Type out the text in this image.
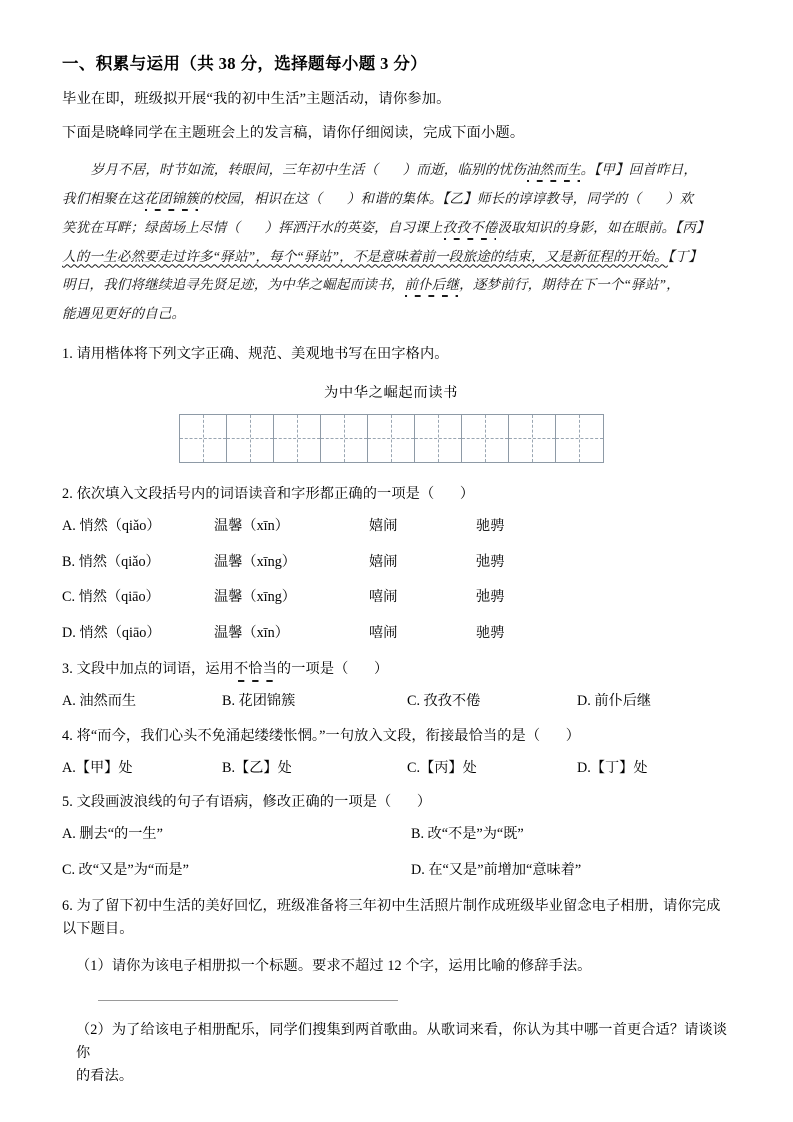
一、积累与运用（共 38 分，选择题每小题 3 分）
毕业在即，班级拟开展“我的初中生活”主题活动，请你参加。
下面是晓峰同学在主题班会上的发言稿，请你仔细阅读，完成下面小题。

岁月不居，时节如流，转眼间，三年初中生活（ ）而逝，临别的忧伤油然而生。【甲】回首昨日，

我们相聚在这花团锦簇的校园，相识在这（ ）和谐的集体。【乙】师长的谆谆教导，同学的（ ）欢

笑犹在耳畔；绿茵场上尽情（ ）挥洒汗水的英姿，自习课上孜孜不倦汲取知识的身影，如在眼前。【丙】

人的一生必然要走过许多“驿站”，每个“驿站”，不是意味着前一段旅途的结束，又是新征程的开始。【丁】

明日，我们将继续追寻先贤足迹，为中华之崛起而读书，前仆后继，逐梦前行，期待在下一个“驿站”，

能遇见更好的自己。

1. 请用楷体将下列文字正确、规范、美观地书写在田字格内。
为中华之崛起而读书
2. 依次填入文段括号内的词语读音和字形都正确的一项是（ ）
A. 悄然（qiǎo）	温馨（xīn）	嬉闹	驰骋
B. 悄然（qiǎo）	温馨（xīng）	嬉闹	弛骋
C. 悄然（qiāo）	温馨（xīng）	嘻闹	弛骋
D. 悄然（qiāo）	温馨（xīn）	嘻闹	驰骋
3. 文段中加点的词语，运用不恰当的一项是（ ）
A. 油然而生	B. 花团锦簇	C. 孜孜不倦	D. 前仆后继
4. 将“而今，我们心头不免涌起缕缕怅惘。”一句放入文段，衔接最恰当的是（ ）
A.【甲】处	B.【乙】处	C.【丙】处	D.【丁】处
5. 文段画波浪线的句子有语病，修改正确的一项是（ ）
A. 删去“的一生”	B. 改“不是”为“既”
C. 改“又是”为“而是”	D. 在“又是”前增加“意味着”
6. 为了留下初中生活的美好回忆，班级准备将三年初中生活照片制作成班级毕业留念电子相册，请你完成
以下题目。
（1）请你为该电子相册拟一个标题。要求不超过 12 个字，运用比喻的修辞手法。
（2）为了给该电子相册配乐，同学们搜集到两首歌曲。从歌词来看，你认为其中哪一首更合适？请谈谈你
的看法。
